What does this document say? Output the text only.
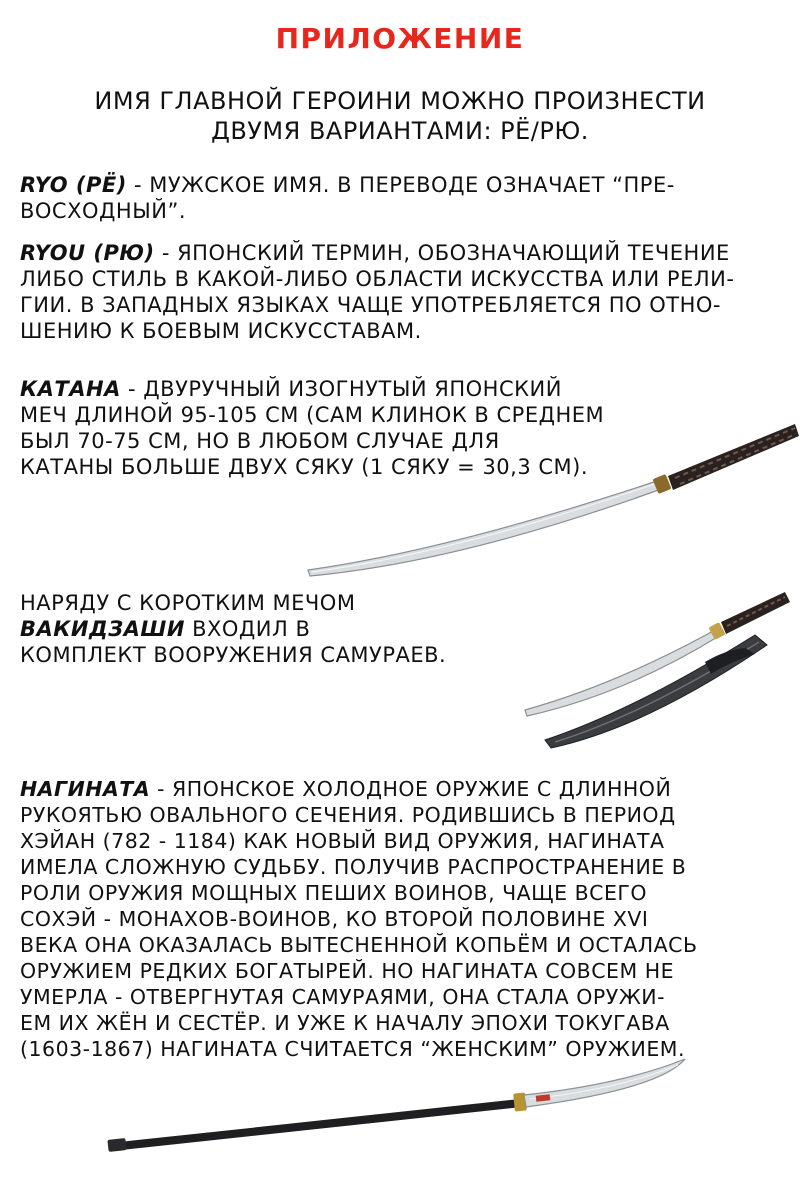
ПРИЛОЖЕНИЕ

ИМЯ ГЛАВНОЙ ГЕРОИНИ МОЖНО ПРОИЗНЕСТИ
ДВУМЯ ВАРИАНТАМИ: РЁ/РЮ.

RYO (РЁ) - МУЖСКОЕ ИМЯ. В ПЕРЕВОДЕ ОЗНАЧАЕТ “ПРЕ-
ВОСХОДНЫЙ”.

RYOU (РЮ) - ЯПОНСКИЙ ТЕРМИН, ОБОЗНАЧАЮЩИЙ ТЕЧЕНИЕ
ЛИБО СТИЛЬ В КАКОЙ-ЛИБО ОБЛАСТИ ИСКУССТВА ИЛИ РЕЛИ-
ГИИ. В ЗАПАДНЫХ ЯЗЫКАХ ЧАЩЕ УПОТРЕБЛЯЕТСЯ ПО ОТНО-
ШЕНИЮ К БОЕВЫМ ИСКУССТАВАМ.

КАТАНА - ДВУРУЧНЫЙ ИЗОГНУТЫЙ ЯПОНСКИЙ
МЕЧ ДЛИНОЙ 95-105 СМ (САМ КЛИНОК В СРЕДНЕМ
БЫЛ 70-75 СМ, НО В ЛЮБОМ СЛУЧАЕ ДЛЯ
КАТАНЫ БОЛЬШЕ ДВУХ СЯКУ (1 СЯКУ = 30,3 СМ).

НАРЯДУ С КОРОТКИМ МЕЧОМ ВАКИДЗАШИ ВХОДИЛ В
КОМПЛЕКТ ВООРУЖЕНИЯ САМУРАЕВ.

НАГИНАТА - ЯПОНСКОЕ ХОЛОДНОЕ ОРУЖИЕ С ДЛИННОЙ
РУКОЯТЬЮ ОВАЛЬНОГО СЕЧЕНИЯ. РОДИВШИСЬ В ПЕРИОД
ХЭЙАН (782 - 1184) КАК НОВЫЙ ВИД ОРУЖИЯ, НАГИНАТА
ИМЕЛА СЛОЖНУЮ СУДЬБУ. ПОЛУЧИВ РАСПРОСТРАНЕНИЕ В
РОЛИ ОРУЖИЯ МОЩНЫХ ПЕШИХ ВОИНОВ, ЧАЩЕ ВСЕГО
СОХЭЙ - МОНАХОВ-ВОИНОВ, КО ВТОРОЙ ПОЛОВИНЕ XVI
ВЕКА ОНА ОКАЗАЛАСЬ ВЫТЕСНЕННОЙ КОПЬЁМ И ОСТАЛАСЬ
ОРУЖИЕМ РЕДКИХ БОГАТЫРЕЙ. НО НАГИНАТА СОВСЕМ НЕ
УМЕРЛА - ОТВЕРГНУТАЯ САМУРАЯМИ, ОНА СТАЛА ОРУЖИ-
ЕМ ИХ ЖЁН И СЕСТЁР. И УЖЕ К НАЧАЛУ ЭПОХИ ТОКУГАВА
(1603-1867) НАГИНАТА СЧИТАЕТСЯ “ЖЕНСКИМ” ОРУЖИЕМ.
